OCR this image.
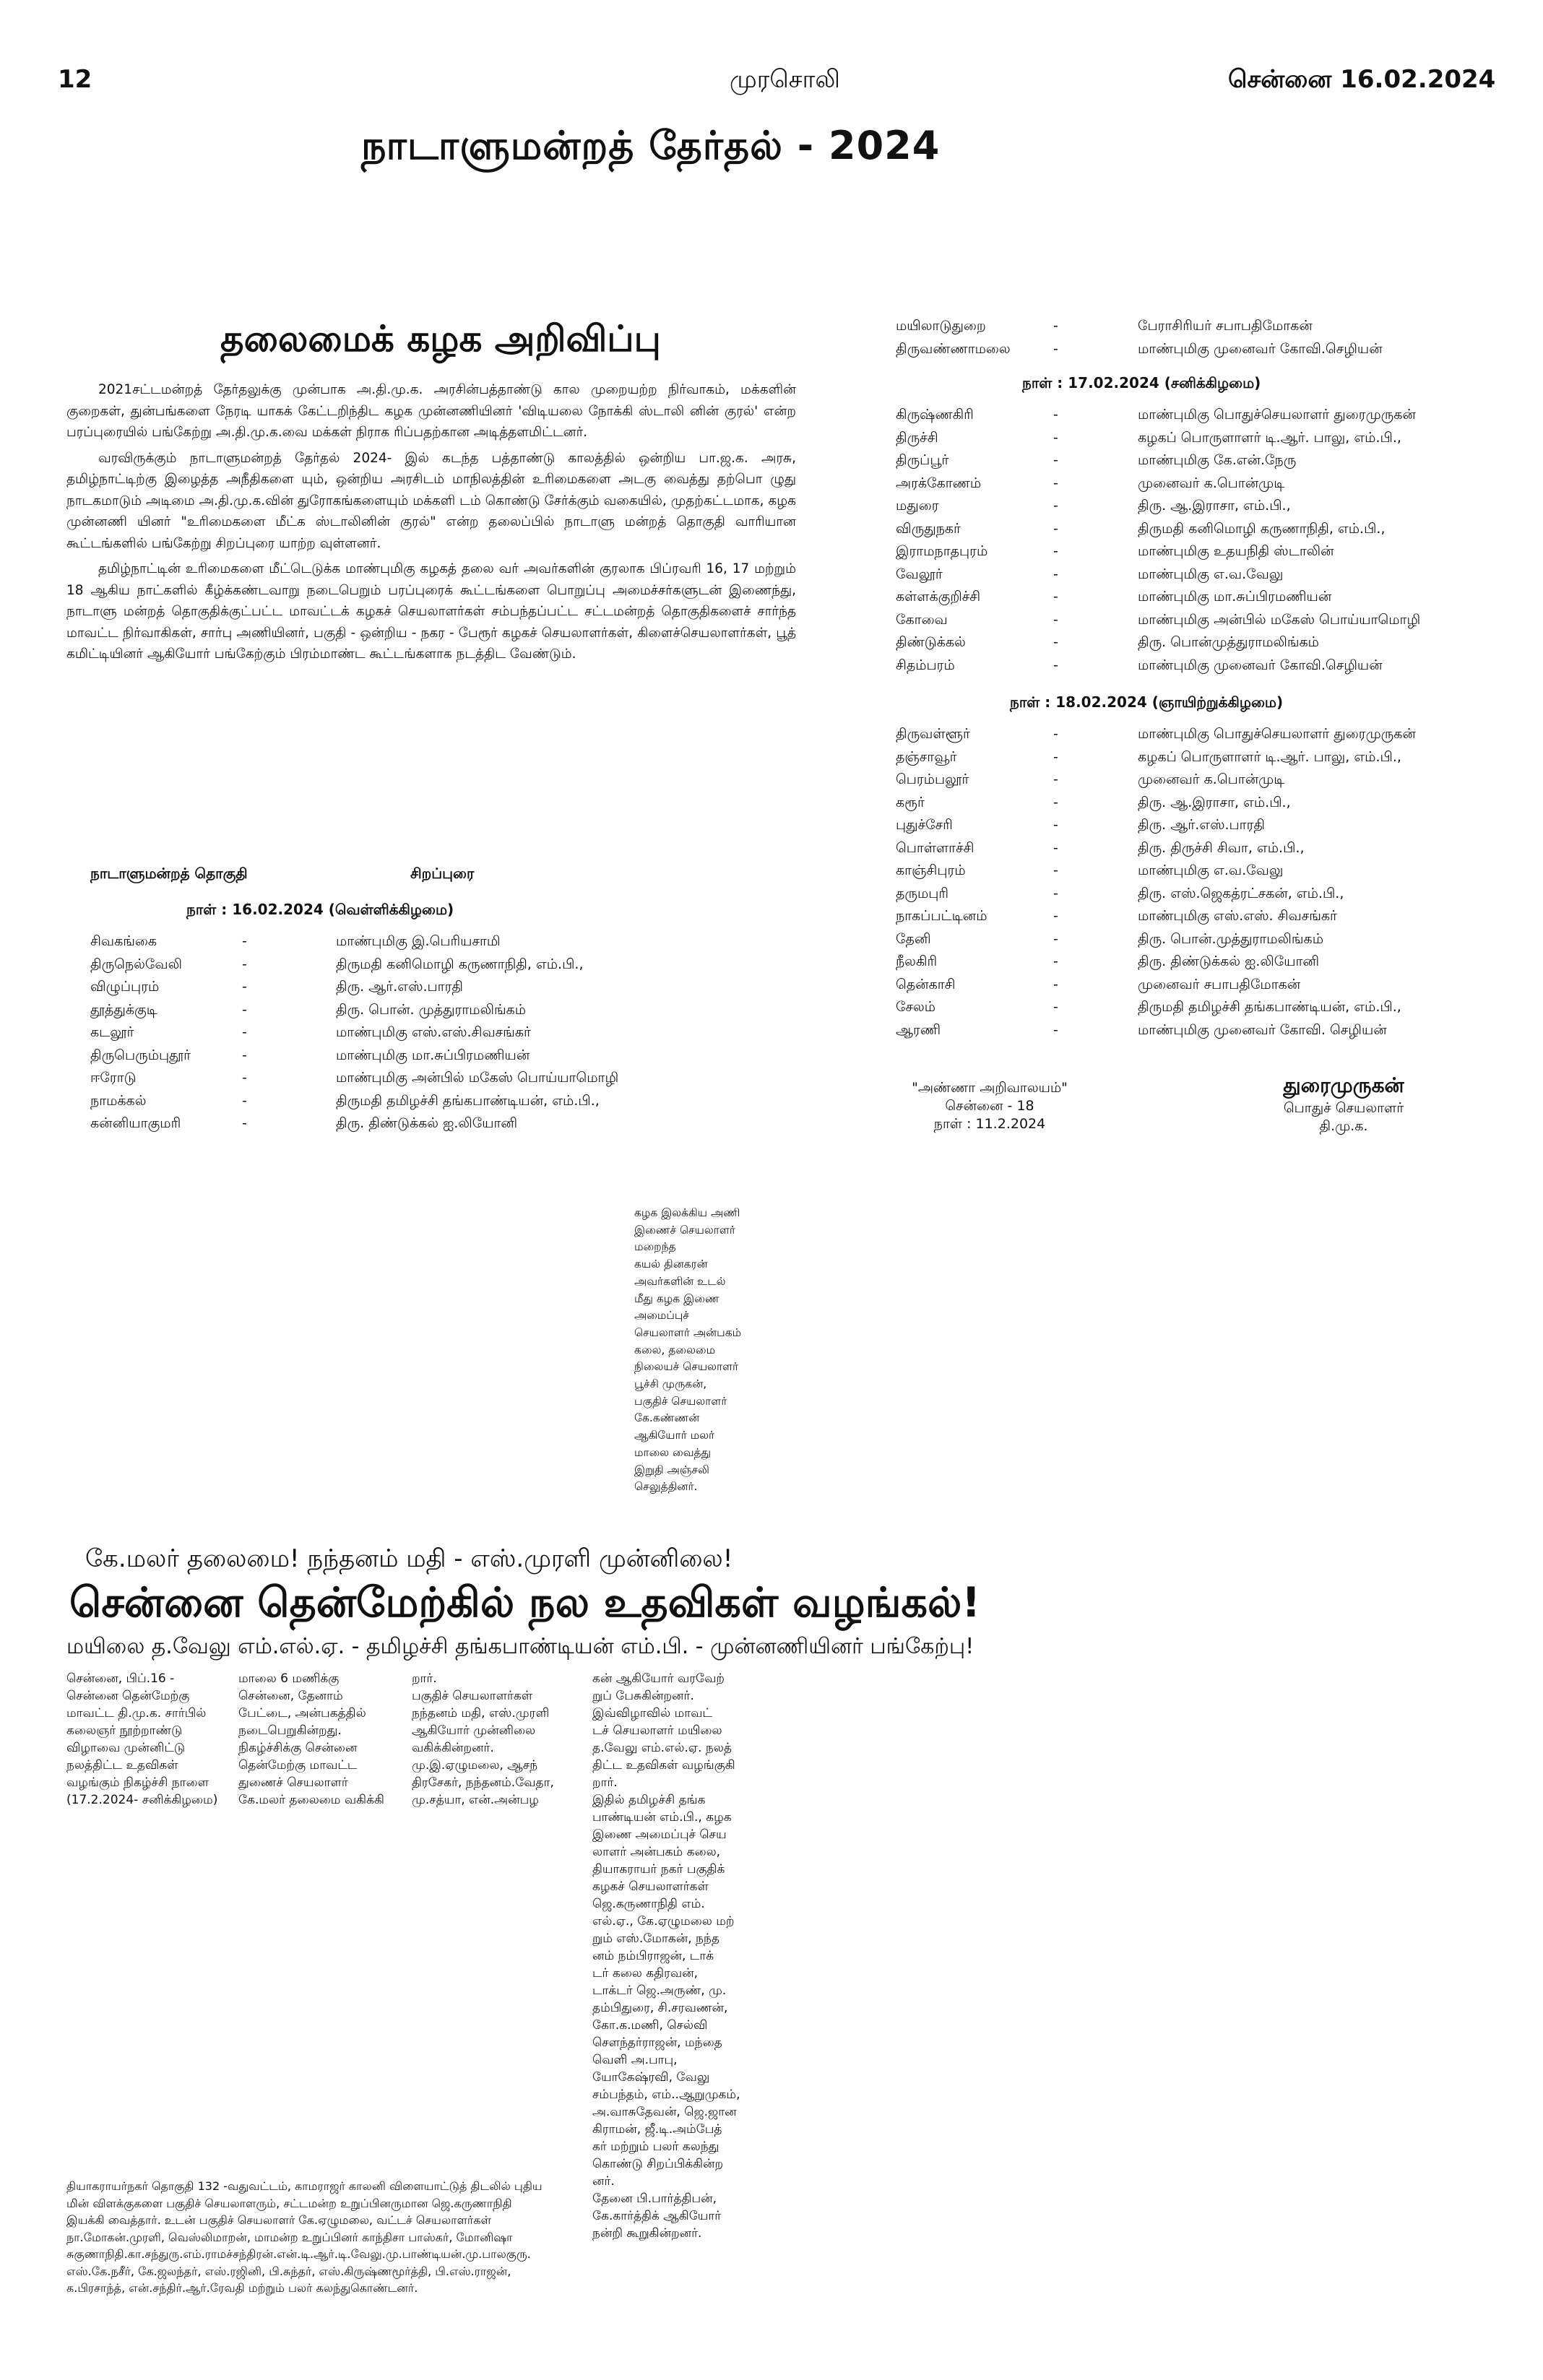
12	முரசொலி	சென்னை 16.02.2024
நாடாளுமன்றத் தேர்தல் - 2024
தலைமைக் கழக அறிவிப்பு

2021சட்டமன்றத் தேர்தலுக்கு முன்பாக அ.தி.மு.க. அரசின்பத்தாண்டு கால முறையற்ற நிர்வாகம், மக்களின் குறைகள், துன்பங்களை நேரடி யாகக் கேட்டறிந்திட கழக முன்னணியினர் 'விடியலை நோக்கி ஸ்டாலி னின் குரல்' என்ற பரப்புரையில் பங்கேற்று அ.தி.மு.க.வை மக்கள் நிராக ரிப்பதற்கான அடித்தளமிட்டனர்.

வரவிருக்கும் நாடாளுமன்றத் தேர்தல் 2024- இல் கடந்த பத்தாண்டு காலத்தில் ஒன்றிய பா.ஜ.க. அரசு, தமிழ்நாட்டிற்கு இழைத்த அநீதிகளை யும், ஒன்றிய அரசிடம் மாநிலத்தின் உரிமைகளை அடகு வைத்து தற்பொ ழுது நாடகமாடும் அடிமை அ.தி.மு.க.வின் துரோகங்களையும் மக்களி டம் கொண்டு சேர்க்கும் வகையில், முதற்கட்டமாக, கழக முன்னணி யினர் "உரிமைகளை மீட்க ஸ்டாலினின் குரல்" என்ற தலைப்பில் நாடாளு மன்றத் தொகுதி வாரியான கூட்டங்களில் பங்கேற்று சிறப்புரை யாற்ற வுள்ளனர்.

தமிழ்நாட்டின் உரிமைகளை மீட்டெடுக்க மாண்புமிகு கழகத் தலை வர் அவர்களின் குரலாக பிப்ரவரி 16, 17 மற்றும் 18 ஆகிய நாட்களில் கீழ்க்கண்டவாறு நடைபெறும் பரப்புரைக் கூட்டங்களை பொறுப்பு அமைச்சர்களுடன் இணைந்து, நாடாளு மன்றத் தொகுதிக்குட்பட்ட மாவட்டக் கழகச் செயலாளர்கள் சம்பந்தப்பட்ட சட்டமன்றத் தொகுதிகளைச் சார்ந்த மாவட்ட நிர்வாகிகள், சார்பு அணியினர், பகுதி - ஒன்றிய - நகர - பேரூர் கழகச் செயலாளர்கள், கிளைச்செயலாளர்கள், பூத் கமிட்டியினர் ஆகியோர் பங்கேற்கும் பிரம்மாண்ட கூட்டங்களாக நடத்திட வேண்டும்.

நாடாளுமன்றத் தொகுதி	சிறப்புரை
நாள் : 16.02.2024 (வெள்ளிக்கிழமை)
சிவகங்கை	-	மாண்புமிகு இ.பெரியசாமி
திருநெல்வேலி	-	திருமதி கனிமொழி கருணாநிதி, எம்.பி.,
விழுப்புரம்	-	திரு. ஆர்.எஸ்.பாரதி
தூத்துக்குடி	-	திரு. பொன். முத்துராமலிங்கம்
கடலூர்	-	மாண்புமிகு எஸ்.எஸ்.சிவசங்கர்
திருபெரும்புதூர்	-	மாண்புமிகு மா.சுப்பிரமணியன்
ஈரோடு	-	மாண்புமிகு அன்பில் மகேஸ் பொய்யாமொழி
நாமக்கல்	-	திருமதி தமிழச்சி தங்கபாண்டியன், எம்.பி.,
கன்னியாகுமரி	-	திரு. திண்டுக்கல் ஐ.லியோனி
மயிலாடுதுறை	-	பேராசிரியர் சபாபதிமோகன்
திருவண்ணாமலை	-	மாண்புமிகு முனைவர் கோவி.செழியன்
நாள் : 17.02.2024 (சனிக்கிழமை)
கிருஷ்ணகிரி	-	மாண்புமிகு பொதுச்செயலாளர் துரைமுருகன்
திருச்சி	-	கழகப் பொருளாளர் டி.ஆர். பாலு, எம்.பி.,
திருப்பூர்	-	மாண்புமிகு கே.என்.நேரு
அரக்கோணம்	-	முனைவர் க.பொன்முடி
மதுரை	-	திரு. ஆ.இராசா, எம்.பி.,
விருதுநகர்	-	திருமதி கனிமொழி கருணாநிதி, எம்.பி.,
இராமநாதபுரம்	-	மாண்புமிகு உதயநிதி ஸ்டாலின்
வேலூர்	-	மாண்புமிகு எ.வ.வேலு
கள்ளக்குறிச்சி	-	மாண்புமிகு மா.சுப்பிரமணியன்
கோவை	-	மாண்புமிகு அன்பில் மகேஸ் பொய்யாமொழி
திண்டுக்கல்	-	திரு. பொன்முத்துராமலிங்கம்
சிதம்பரம்	-	மாண்புமிகு முனைவர் கோவி.செழியன்
நாள் : 18.02.2024 (ஞாயிற்றுக்கிழமை)
திருவள்ளூர்	-	மாண்புமிகு பொதுச்செயலாளர் துரைமுருகன்
தஞ்சாவூர்	-	கழகப் பொருளாளர் டி.ஆர். பாலு, எம்.பி.,
பெரம்பலூர்	-	முனைவர் க.பொன்முடி
கரூர்	-	திரு. ஆ.இராசா, எம்.பி.,
புதுச்சேரி	-	திரு. ஆர்.எஸ்.பாரதி
பொள்ளாச்சி	-	திரு. திருச்சி சிவா, எம்.பி.,
காஞ்சிபுரம்	-	மாண்புமிகு எ.வ.வேலு
தருமபுரி	-	திரு. எஸ்.ஜெகத்ரட்சகன், எம்.பி.,
நாகப்பட்டினம்	-	மாண்புமிகு எஸ்.எஸ். சிவசங்கர்
தேனி	-	திரு. பொன்.முத்துராமலிங்கம்
நீலகிரி	-	திரு. திண்டுக்கல் ஐ.லியோனி
தென்காசி	-	முனைவர் சபாபதிமோகன்
சேலம்	-	திருமதி தமிழச்சி தங்கபாண்டியன், எம்.பி.,
ஆரணி	-	மாண்புமிகு முனைவர் கோவி. செழியன்
"அண்ணா அறிவாலயம்"
சென்னை - 18
நாள் : 11.2.2024
துரைமுருகன்
பொதுச் செயலாளர்
தி.மு.க.
கழக இலக்கிய அணி
இணைச் செயலாளர்
மறைந்த
கயல் தினகரன்
அவர்களின் உடல்
மீது கழக இணை
அமைப்புச்
செயலாளர் அன்பகம்
கலை, தலைமை
நிலையச் செயலாளர்
பூச்சி முருகன்,
பகுதிச் செயலாளர்
கே.கண்ணன்
ஆகியோர் மலர்
மாலை வைத்து
இறுதி அஞ்சலி
செலுத்தினர்.
கே.மலர் தலைமை! நந்தனம் மதி - எஸ்.முரளி முன்னிலை!
சென்னை தென்மேற்கில் நல உதவிகள் வழங்கல்!
மயிலை த.வேலு எம்.எல்.ஏ. - தமிழச்சி தங்கபாண்டியன் எம்.பி. - முன்னணியினர் பங்கேற்பு!
சென்னை, பிப்.16 -
சென்னை தென்மேற்கு
மாவட்ட தி.மு.க. சார்பில்
கலைஞர் நூற்றாண்டு
விழாவை முன்னிட்டு
நலத்திட்ட உதவிகள்
வழங்கும் நிகழ்ச்சி நாளை
(17.2.2024- சனிக்கிழமை)
மாலை 6 மணிக்கு
சென்னை, தேனாம்
பேட்டை, அன்பகத்தில்
நடைபெறுகின்றது.
நிகழ்ச்சிக்கு சென்னை
தென்மேற்கு மாவட்ட
துணைச் செயலாளர்
கே.மலர் தலைமை வகிக்கி
றார்.
பகுதிச் செயலாளர்கள்
நந்தனம் மதி, எஸ்.முரளி
ஆகியோர் முன்னிலை
வகிக்கின்றனர்.
மு.இ.ஏழுமலை, ஆசந்
திரசேகர், நந்தனம்.வேதா,
மு.சத்யா, என்.அன்பழ
கன் ஆகியோர் வரவேற்
றுப் பேசுகின்றனர்.
இவ்விழாவில் மாவட்
டச் செயலாளர் மயிலை
த.வேலு எம்.எல்.ஏ. நலத்
திட்ட உதவிகள் வழங்குகி
றார்.
இதில் தமிழச்சி தங்க
பாண்டியன் எம்.பி., கழக
இணை அமைப்புச் செய
லாளர் அன்பகம் கலை,
தியாகராயர் நகர் பகுதிக்
கழகச் செயலாளர்கள்
ஜெ.கருணாநிதி எம்.
எல்.ஏ., கே.ஏழுமலை மற்
றும் எஸ்.மோகன், நந்த
னம் நம்பிராஜன், டாக்
டர் கலை கதிரவன்,
டாக்டர் ஜெ.அருண், மு.
தம்பிதுரை, சி.சரவணன்,
கோ.க.மணி, செல்வி
சௌந்தர்ராஜன், மந்தை
வெளி அ.பாபு,
யோகேஷ்ரவி, வேலு
சம்பந்தம், எம்..ஆறுமுகம்,
அ.வாசுதேவன், ஜெ.ஜான
கிராமன், ஜீ.டி.அம்பேத்
கர் மற்றும் பலர் கலந்து
கொண்டு சிறப்பிக்கின்ற
னர்.
தேனை பி.பார்த்திபன்,
கே.கார்த்திக் ஆகியோர்
நன்றி கூறுகின்றனர்.
தியாகராயர்நகர் தொகுதி 132 -வதுவட்டம், காமராஜர் காலனி விளையாட்டுத் திடலில் புதிய
மின் விளக்குகளை பகுதிச் செயலாளரும், சட்டமன்ற உறுப்பினருமான ஜெ.கருணாநிதி
இயக்கி வைத்தார். உடன் பகுதிச் செயலாளர் கே.ஏழுமலை, வட்டச் செயலாளர்கள்
நா.மோகன்.முரளி, வெஸ்லிமாறன், மாமன்ற உறுப்பினர் காந்திசா பாஸ்கர், மோனிஷா
சுகுணாநிதி.கா.சந்துரு.எம்.ராமச்சந்திரன்.என்.டி.ஆர்.டி.வேலு.மு.பாண்டியன்.மு.பாலகுரு.
எஸ்.கே.நசீர், கே.ஜலந்தர், எஸ்.ரஜினி, பி.சுந்தர், எஸ்.கிருஷ்ணமூர்த்தி, பி.எஸ்.ராஜன்,
க.பிரசாந்த், என்.சந்திர்.ஆர்.ரேவதி மற்றும் பலர் கலந்துகொண்டனர்.
